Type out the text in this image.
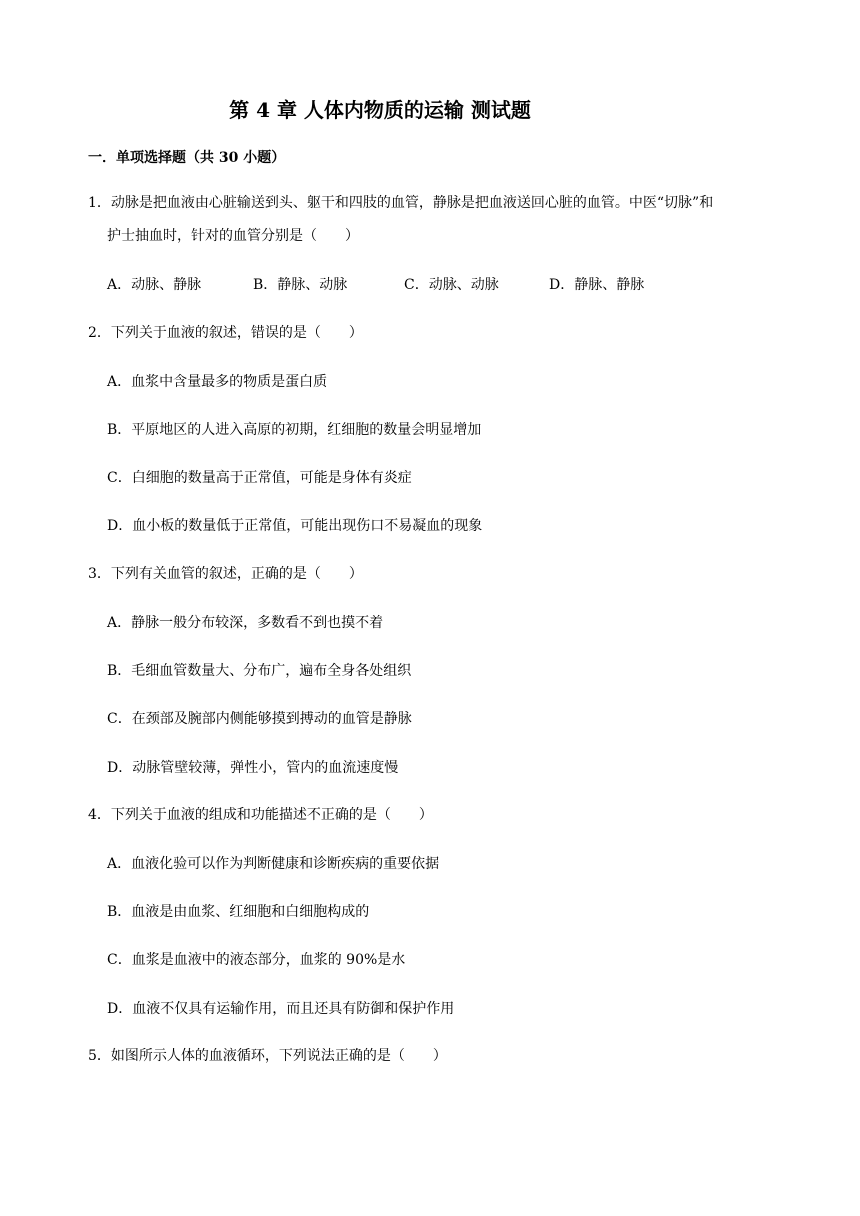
第 4 章 人体内物质的运输 测试题
一．单项选择题（共 30 小题）

1．动脉是把血液由心脏输送到头、躯干和四肢的血管，静脉是把血液送回心脏的血管。中医“切脉”和

护士抽血时，针对的血管分别是（　　）

A．动脉、静脉	B．静脉、动脉	C．动脉、动脉	D．静脉、静脉

2．下列关于血液的叙述，错误的是（　　）

A．血浆中含量最多的物质是蛋白质

B．平原地区的人进入高原的初期，红细胞的数量会明显增加

C．白细胞的数量高于正常值，可能是身体有炎症

D．血小板的数量低于正常值，可能出现伤口不易凝血的现象

3．下列有关血管的叙述，正确的是（　　）

A．静脉一般分布较深，多数看不到也摸不着

B．毛细血管数量大、分布广，遍布全身各处组织

C．在颈部及腕部内侧能够摸到搏动的血管是静脉

D．动脉管壁较薄，弹性小，管内的血流速度慢

4．下列关于血液的组成和功能描述不正确的是（　　）

A．血液化验可以作为判断健康和诊断疾病的重要依据

B．血液是由血浆、红细胞和白细胞构成的

C．血浆是血液中的液态部分，血浆的 90%是水

D．血液不仅具有运输作用，而且还具有防御和保护作用

5．如图所示人体的血液循环，下列说法正确的是（　　）
